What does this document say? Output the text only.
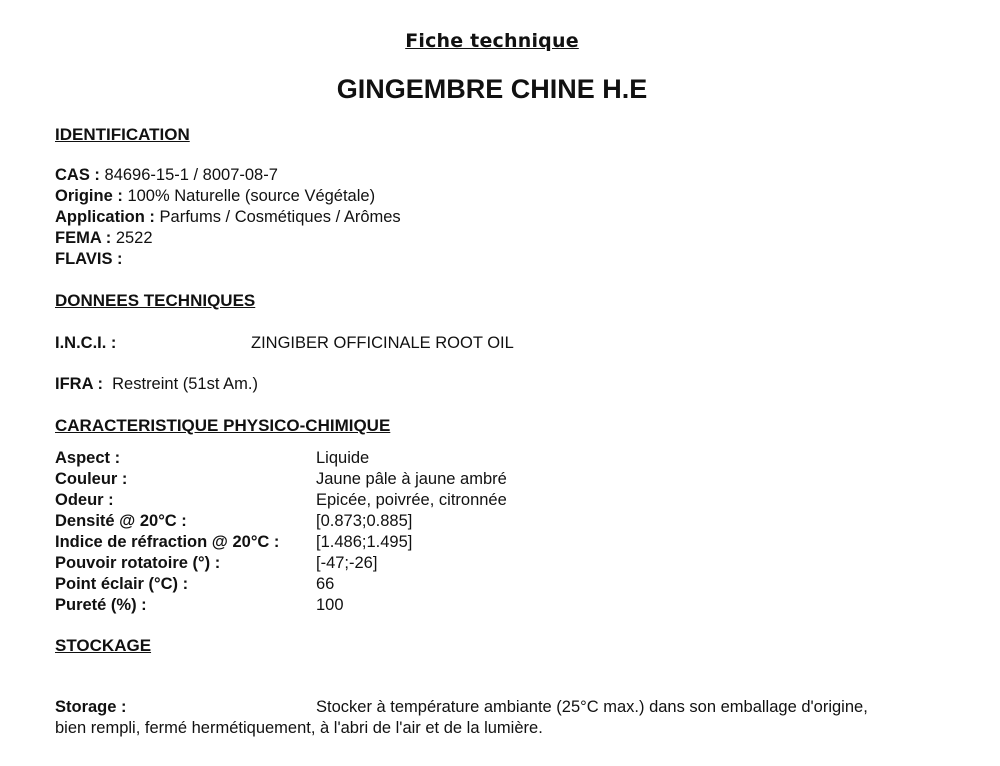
Fiche technique
GINGEMBRE CHINE H.E
IDENTIFICATION
CAS : 84696-15-1 / 8007-08-7
Origine : 100% Naturelle (source Végétale)
Application : Parfums / Cosmétiques / Arômes
FEMA : 2522
FLAVIS :
DONNEES TECHNIQUES
I.N.C.I. :	ZINGIBER OFFICINALE ROOT OIL
IFRA : Restreint (51st Am.)
CARACTERISTIQUE PHYSICO-CHIMIQUE
Aspect :	Liquide
Couleur :	Jaune pâle à jaune ambré
Odeur :	Epicée, poivrée, citronnée
Densité @ 20°C :	[0.873;0.885]
Indice de réfraction @ 20°C : [1.486;1.495]
Pouvoir rotatoire (°) :	[-47;-26]
Point éclair (°C) :	66
Pureté (%) :	100
STOCKAGE
Storage :	Stocker à température ambiante (25°C max.) dans son emballage d'origine,
bien rempli, fermé hermétiquement, à l'abri de l'air et de la lumière.
